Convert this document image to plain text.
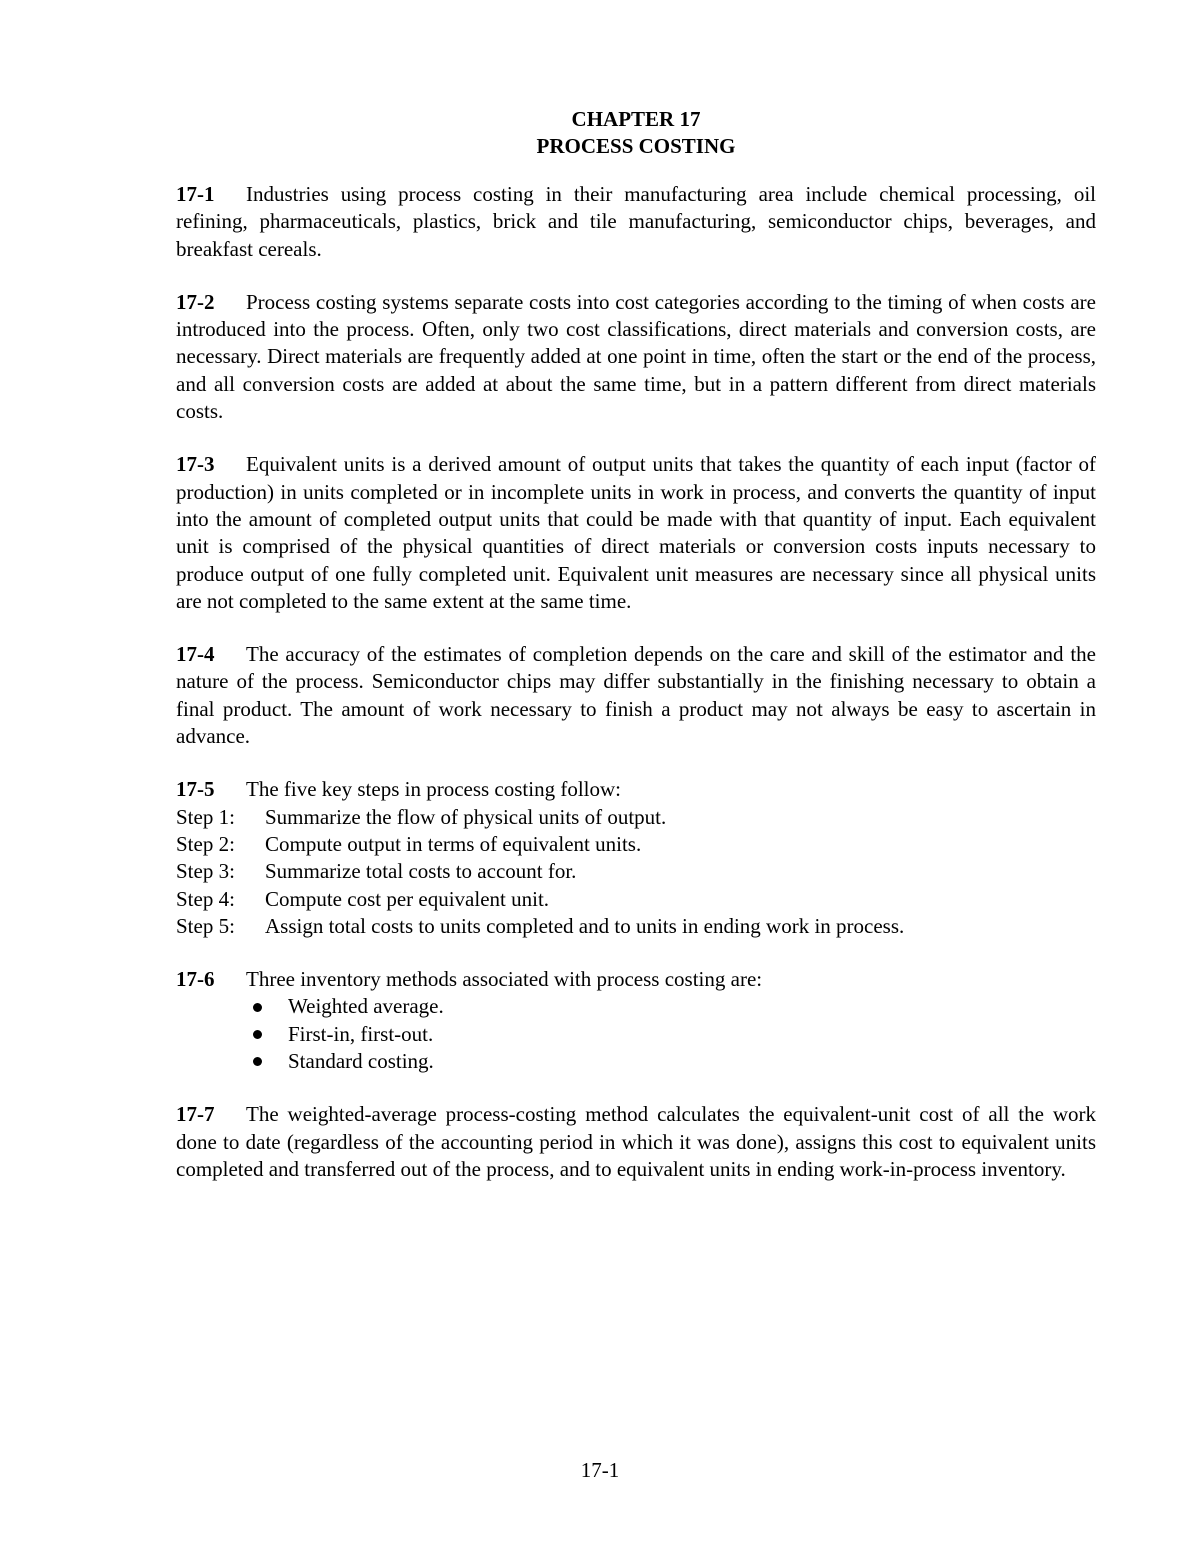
CHAPTER 17
PROCESS COSTING

17-1 Industries using process costing in their manufacturing area include chemical processing, oil refining, pharmaceuticals, plastics, brick and tile manufacturing, semiconductor chips, beverages, and breakfast cereals.

17-2 Process costing systems separate costs into cost categories according to the timing of when costs are introduced into the process. Often, only two cost classifications, direct materials and conversion costs, are necessary. Direct materials are frequently added at one point in time, often the start or the end of the process, and all conversion costs are added at about the same time, but in a pattern different from direct materials costs.

17-3 Equivalent units is a derived amount of output units that takes the quantity of each input (factor of production) in units completed or in incomplete units in work in process, and converts the quantity of input into the amount of completed output units that could be made with that quantity of input. Each equivalent unit is comprised of the physical quantities of direct materials or conversion costs inputs necessary to produce output of one fully completed unit. Equivalent unit measures are necessary since all physical units are not completed to the same extent at the same time.

17-4 The accuracy of the estimates of completion depends on the care and skill of the estimator and the nature of the process. Semiconductor chips may differ substantially in the finishing necessary to obtain a final product. The amount of work necessary to finish a product may not always be easy to ascertain in advance.

17-5 The five key steps in process costing follow:
Step 1:	Summarize the flow of physical units of output.
Step 2:	Compute output in terms of equivalent units.
Step 3:	Summarize total costs to account for.
Step 4:	Compute cost per equivalent unit.
Step 5:	Assign total costs to units completed and to units in ending work in process.
17-6 Three inventory methods associated with process costing are:
Weighted average.
First-in, first-out.
Standard costing.

17-7 The weighted-average process-costing method calculates the equivalent-unit cost of all the work done to date (regardless of the accounting period in which it was done), assigns this cost to equivalent units completed and transferred out of the process, and to equivalent units in ending work-in-process inventory.

17-1
